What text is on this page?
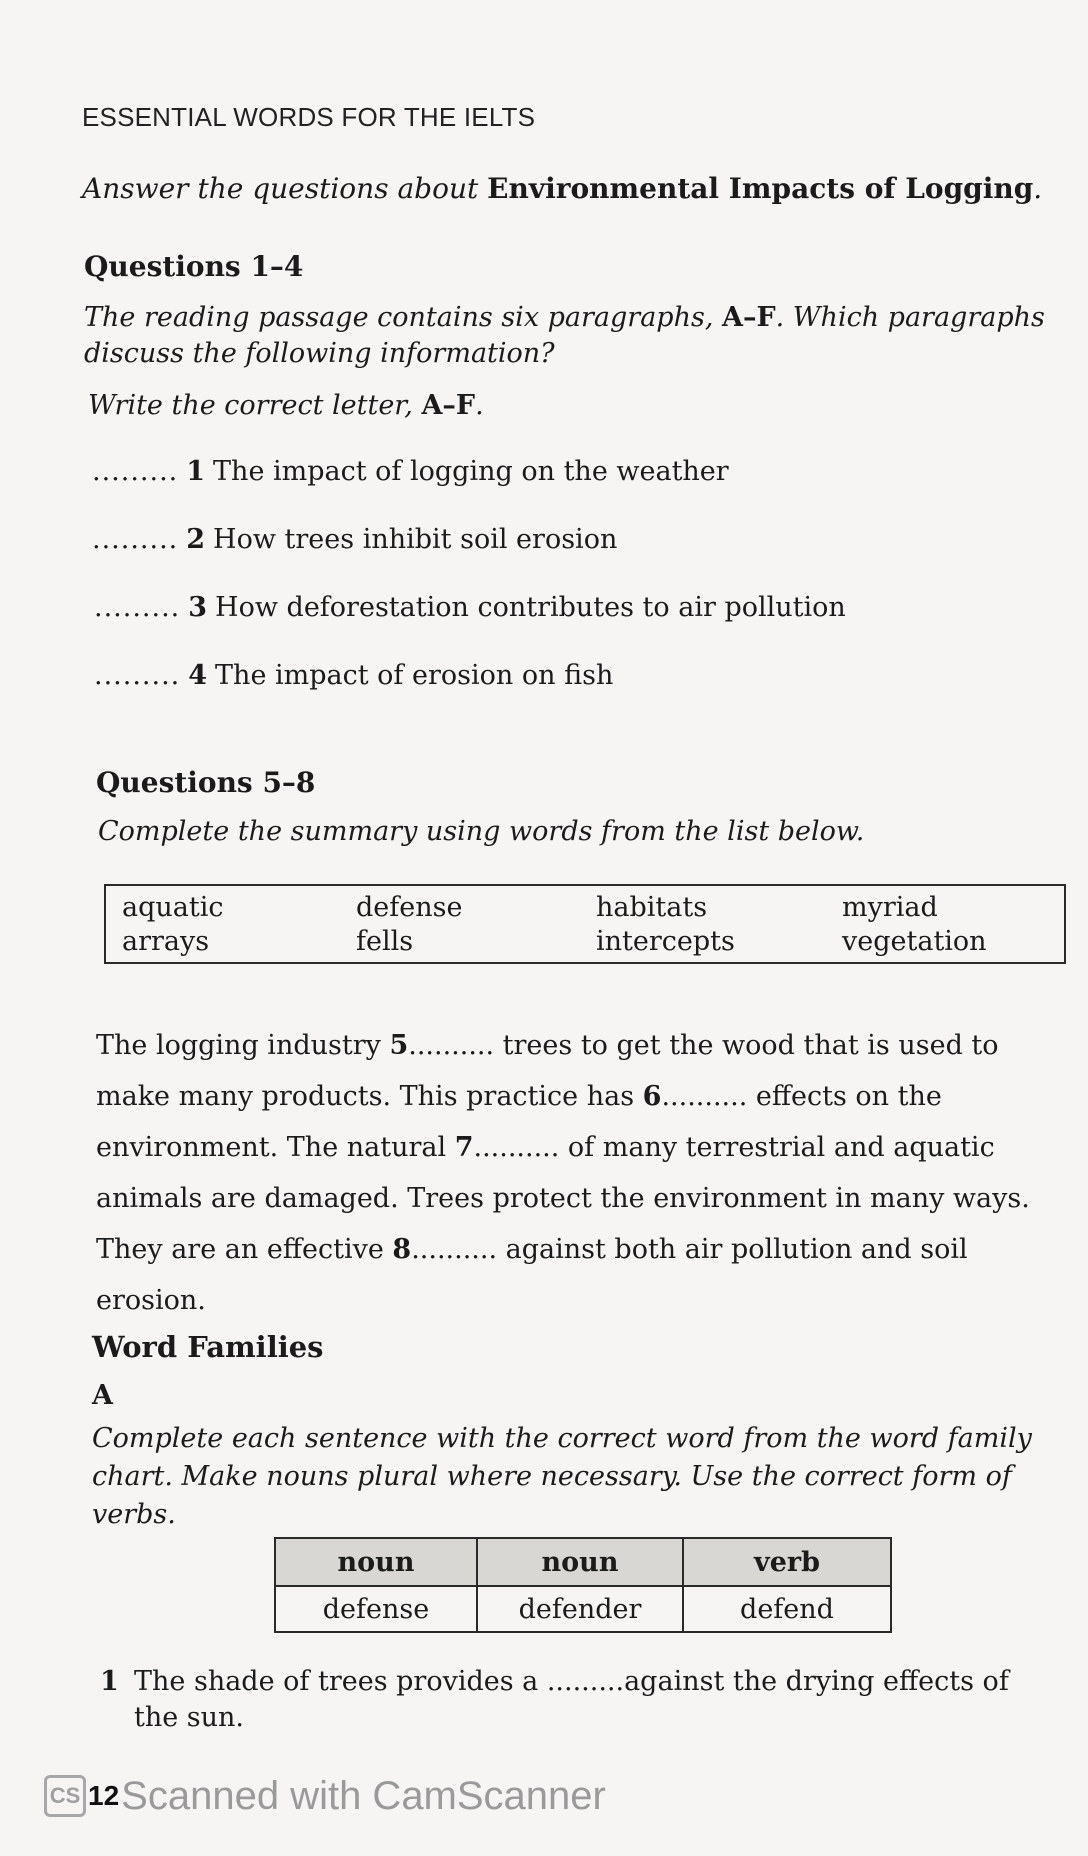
ESSENTIAL WORDS FOR THE IELTS
Answer the questions about Environmental Impacts of Logging.
Questions 1–4
The reading passage contains six paragraphs, A–F. Which paragraphs discuss the following information?
Write the correct letter, A–F.
......... 1 The impact of logging on the weather
......... 2 How trees inhibit soil erosion
......... 3 How deforestation contributes to air pollution
......... 4 The impact of erosion on fish
Questions 5–8
Complete the summary using words from the list below.
aquatic	defense	habitats	myriad
arrays	fells	intercepts	vegetation
The logging industry 5.......... trees to get the wood that is used to make many products. This practice has 6.......... effects on the environment. The natural 7.......... of many terrestrial and aquatic animals are damaged. Trees protect the environment in many ways. They are an effective 8.......... against both air pollution and soil erosion.
Word Families
A
Complete each sentence with the correct word from the word family chart. Make nouns plural where necessary. Use the correct form of verbs.
noun	noun	verb
defense	defender	defend
1 The shade of trees provides a .........against the drying effects of the sun.
CS 12 Scanned with CamScanner
